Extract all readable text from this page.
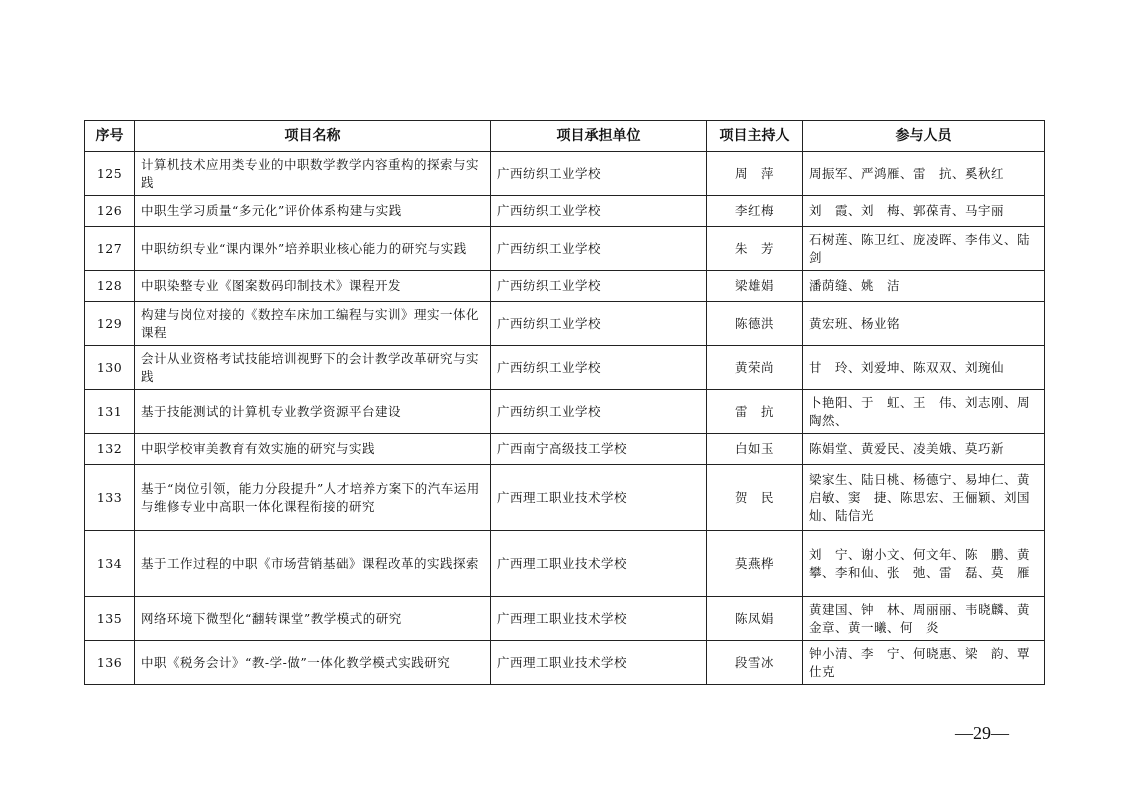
序号	项目名称	项目承担单位	项目主持人	参与人员
125	计算机技术应用类专业的中职数学教学内容重构的探索与实践	广西纺织工业学校	周　萍	周振军、严鸿雁、雷　抗、奚秋红
126	中职生学习质量“多元化”评价体系构建与实践	广西纺织工业学校	李红梅	刘　霞、刘　梅、郭葆青、马宇丽
127	中职纺织专业“课内课外”培养职业核心能力的研究与实践	广西纺织工业学校	朱　芳	石树莲、陈卫红、庞凌晖、李伟义、陆　剑
128	中职染整专业《图案数码印制技术》课程开发	广西纺织工业学校	梁雄娟	潘荫缝、姚　洁
129	构建与岗位对接的《数控车床加工编程与实训》理实一体化课程	广西纺织工业学校	陈德洪	黄宏班、杨业铭
130	会计从业资格考试技能培训视野下的会计教学改革研究与实践	广西纺织工业学校	黄荣尚	甘　玲、刘爱坤、陈双双、刘琬仙
131	基于技能测试的计算机专业教学资源平台建设	广西纺织工业学校	雷　抗	卜艳阳、于　虹、王　伟、刘志刚、周陶然、
132	中职学校审美教育有效实施的研究与实践	广西南宁高级技工学校	白如玉	陈娟堂、黄爱民、凌美娥、莫巧新
133	基于“岗位引领，能力分段提升”人才培养方案下的汽车运用与维修专业中高职一体化课程衔接的研究	广西理工职业技术学校	贺　民	梁家生、陆日桃、杨德宁、易坤仁、黄启敏、窦　捷、陈思宏、王俪颖、刘国灿、陆信光
134	基于工作过程的中职《市场营销基础》课程改革的实践探索	广西理工职业技术学校	莫燕桦	刘　宁、谢小文、何文年、陈　鹏、黄　攀、李和仙、张　弛、雷　磊、莫　雁
135	网络环境下微型化“翻转课堂”教学模式的研究	广西理工职业技术学校	陈凤娟	黄建国、钟　林、周丽丽、韦晓麟、黄金章、黄一曦、何　炎
136	中职《税务会计》“教-学-做”一体化教学模式实践研究	广西理工职业技术学校	段雪冰	钟小清、李　宁、何晓惠、梁　韵、覃仕克
—29—
